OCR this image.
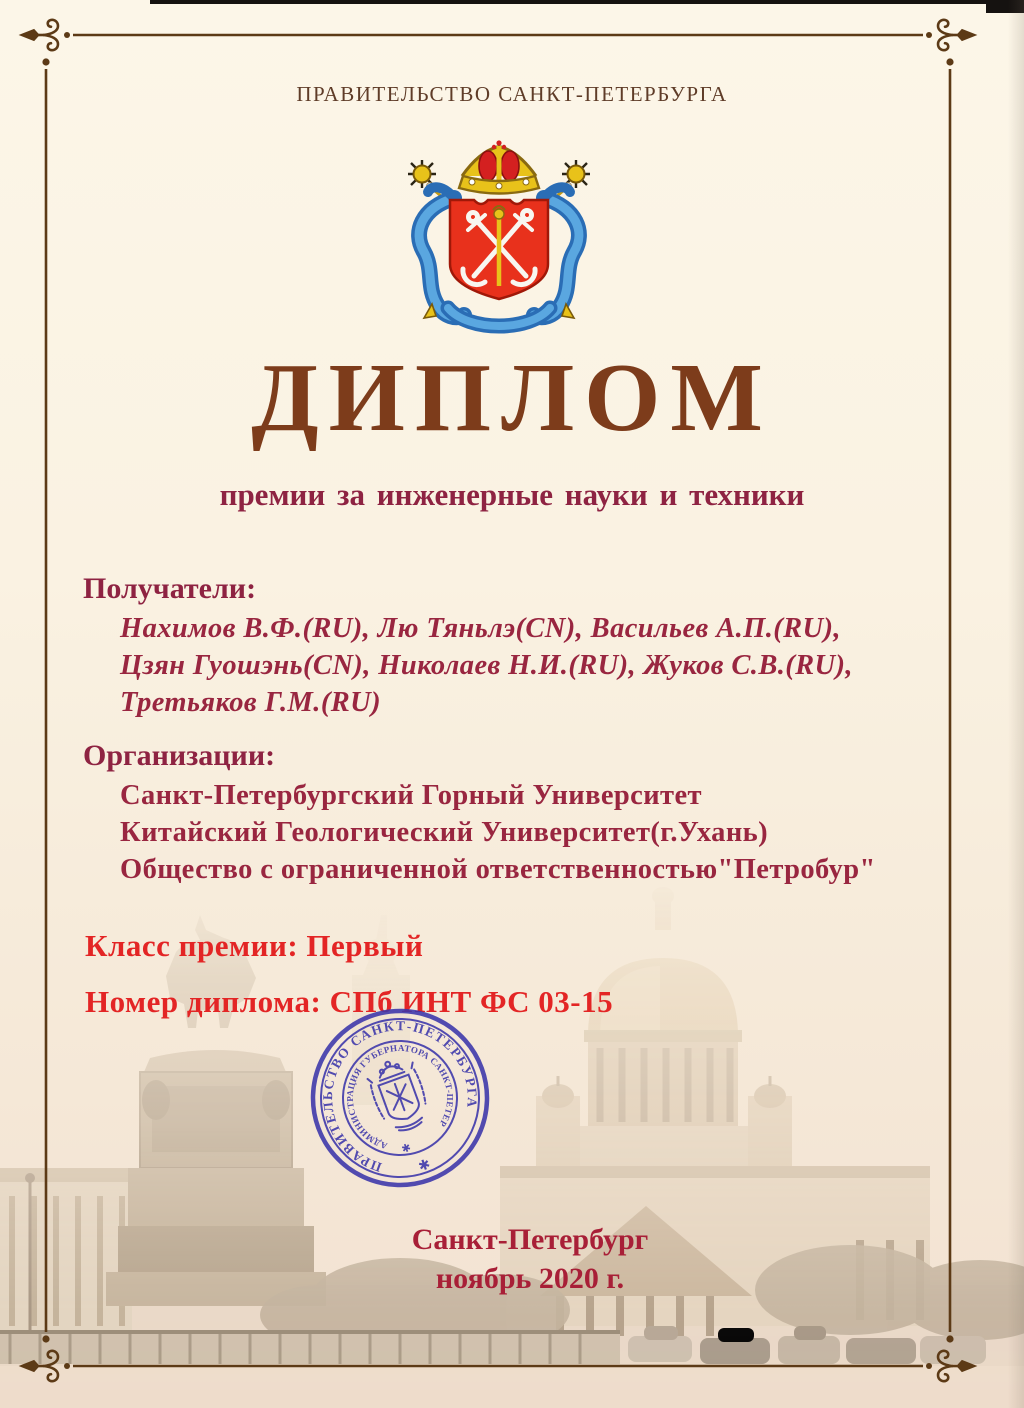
ПРАВИТЕЛЬСТВО САНКТ-ПЕТЕРБУРГА
ДИПЛОМ
премии за инженерные науки и техники
Получатели:
Нахимов В.Ф.(RU), Лю Тяньлэ(CN), Васильев А.П.(RU),
Цзян Гуошэнь(CN), Николаев Н.И.(RU), Жуков С.В.(RU),
Третьяков Г.М.(RU)
Организации:
Санкт-Петербургский Горный Университет
Китайский Геологический Университет(г.Ухань)
Общество с ограниченной ответственностью"Петробур"
Класс премии: Первый
Номер диплома: СПб ИНТ ФС 03-15
ПРАВИТЕЛЬСТВО САНКТ-ПЕТЕРБУРГА
АДМИНИСТРАЦИЯ ГУБЕРНАТОРА САНКТ-ПЕТЕРБУРГА
✱
✱
Санкт-Петербург
ноябрь 2020 г.
